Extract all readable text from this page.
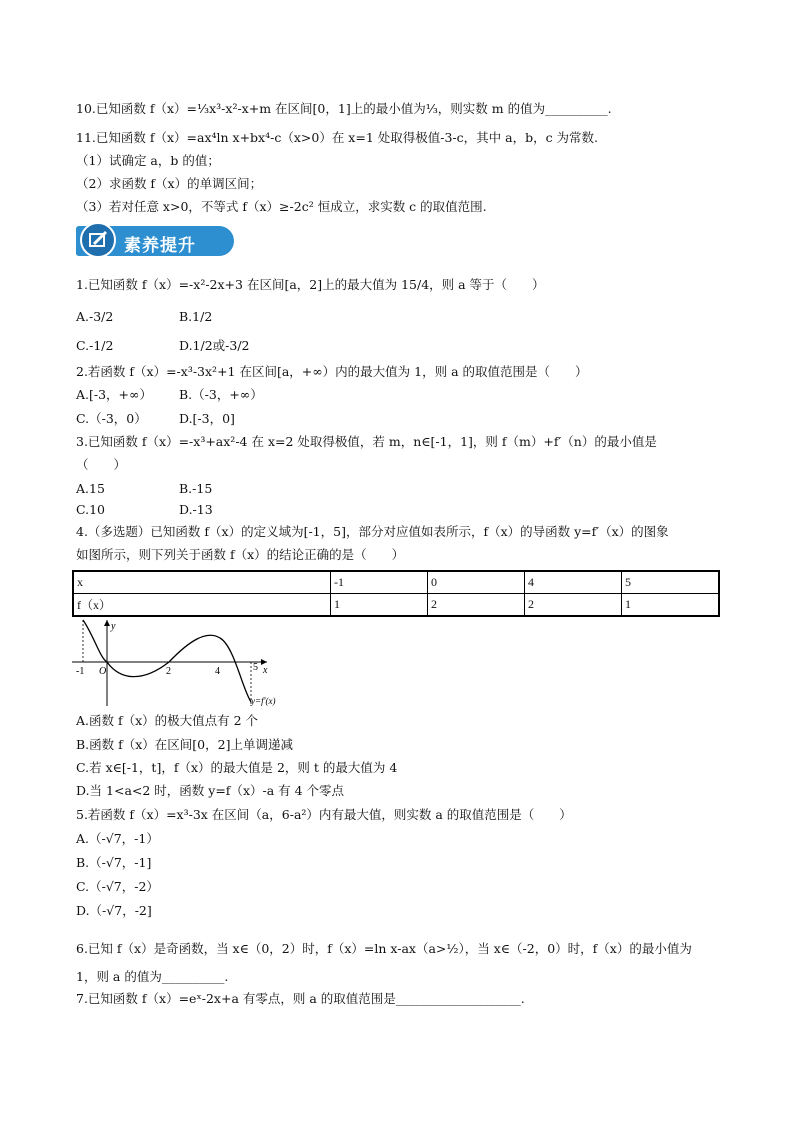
10.已知函数 f（x）=⅓x³-x²-x+m 在区间[0，1]上的最小值为⅓，则实数 m 的值为__________.
11.已知函数 f（x）=ax⁴ln x+bx⁴-c（x>0）在 x=1 处取得极值-3-c，其中 a，b，c 为常数.
（1）试确定 a，b 的值；
（2）求函数 f（x）的单调区间；
（3）若对任意 x>0，不等式 f（x）≥-2c² 恒成立，求实数 c 的取值范围.
素养提升
1.已知函数 f（x）=-x²-2x+3 在区间[a，2]上的最大值为 15/4，则 a 等于（　　）
A.-3/2	B.1/2
C.-1/2	D.1/2或-3/2
2.若函数 f（x）=-x³-3x²+1 在区间[a，+∞）内的最大值为 1，则 a 的取值范围是（　　）
A.[-3，+∞） B.（-3，+∞）
C.（-3，0）	D.[-3，0]
3.已知函数 f（x）=-x³+ax²-4 在 x=2 处取得极值，若 m，n∈[-1，1]，则 f（m）+f′（n）的最小值是
（　　）
A.15	B.-15
C.10	D.-13
4.（多选题）已知函数 f（x）的定义域为[-1，5]，部分对应值如表所示，f（x）的导函数 y=f′（x）的图象
如图所示，则下列关于函数 f（x）的结论正确的是（　　）
x	-1	0	4	5
f（x）	1	2	2	1
-1 O	2	4	5 x
y
y=f′(x)
A.函数 f（x）的极大值点有 2 个
B.函数 f（x）在区间[0，2]上单调递减
C.若 x∈[-1，t]，f（x）的最大值是 2，则 t 的最大值为 4
D.当 1<a<2 时，函数 y=f（x）-a 有 4 个零点
5.若函数 f（x）=x³-3x 在区间（a，6-a²）内有最大值，则实数 a 的取值范围是（　　）
A.（-√7，-1）
B.（-√7，-1]
C.（-√7，-2）
D.（-√7，-2]
6.已知 f（x）是奇函数，当 x∈（0，2）时，f（x）=ln x-ax（a>½），当 x∈（-2，0）时，f（x）的最小值为
1，则 a 的值为__________.
7.已知函数 f（x）=eˣ-2x+a 有零点，则 a 的取值范围是____________________.
